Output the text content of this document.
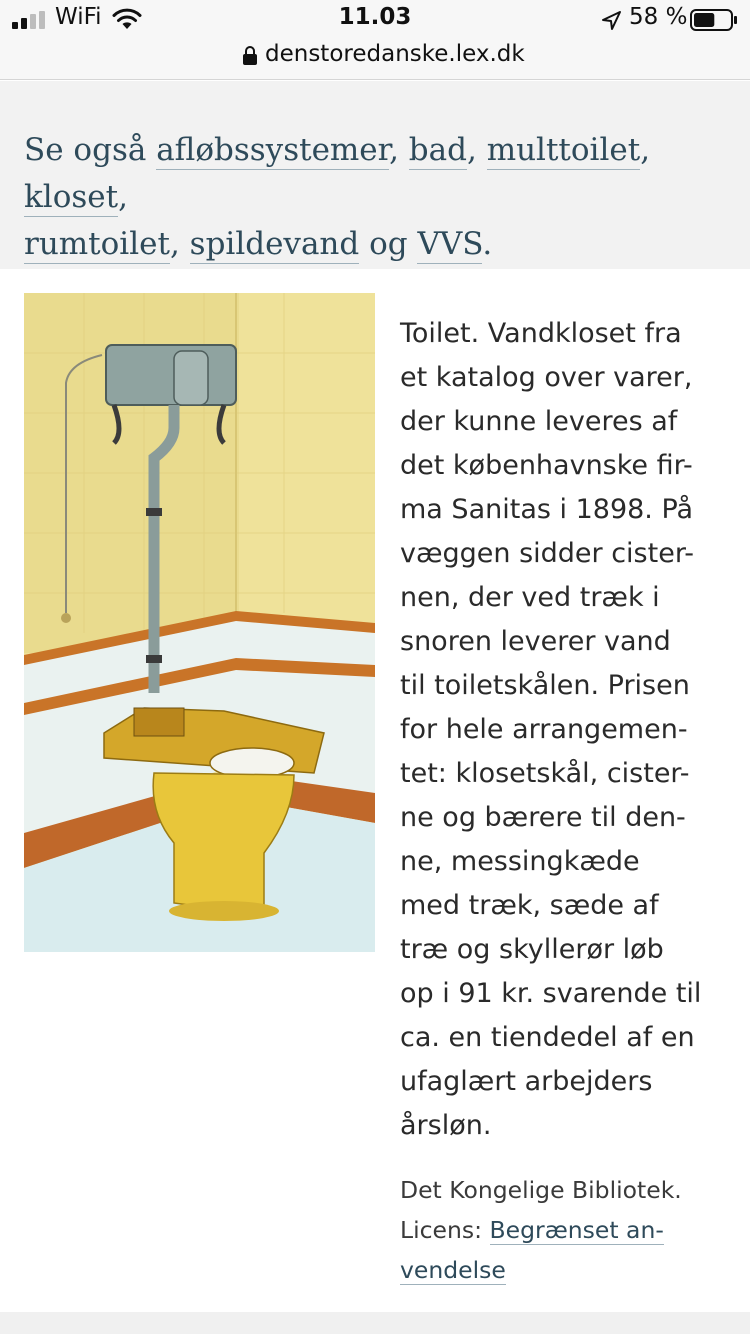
WiFi	11.03	58 %
denstoredanske.lex.dk
Se også afløbssystemer, bad, multtoilet, kloset,
rumtoilet, spildevand og VVS.
Toilet. Vandkloset fra
et katalog over varer,
der kunne leveres af
det københavnske fir-
ma Sanitas i 1898. På
væggen sidder cister-
nen, der ved træk i
snoren leverer vand
til toiletskålen. Prisen
for hele arrangemen-
tet: klosetskål, cister-
ne og bærere til den-
ne, messingkæde
med træk, sæde af
træ og skyllerør løb
op i 91 kr. svarende til
ca. en tiendedel af en
ufaglært arbejders
årsløn.
Det Kongelige Bibliotek.
Licens: Begrænset an-
vendelse
